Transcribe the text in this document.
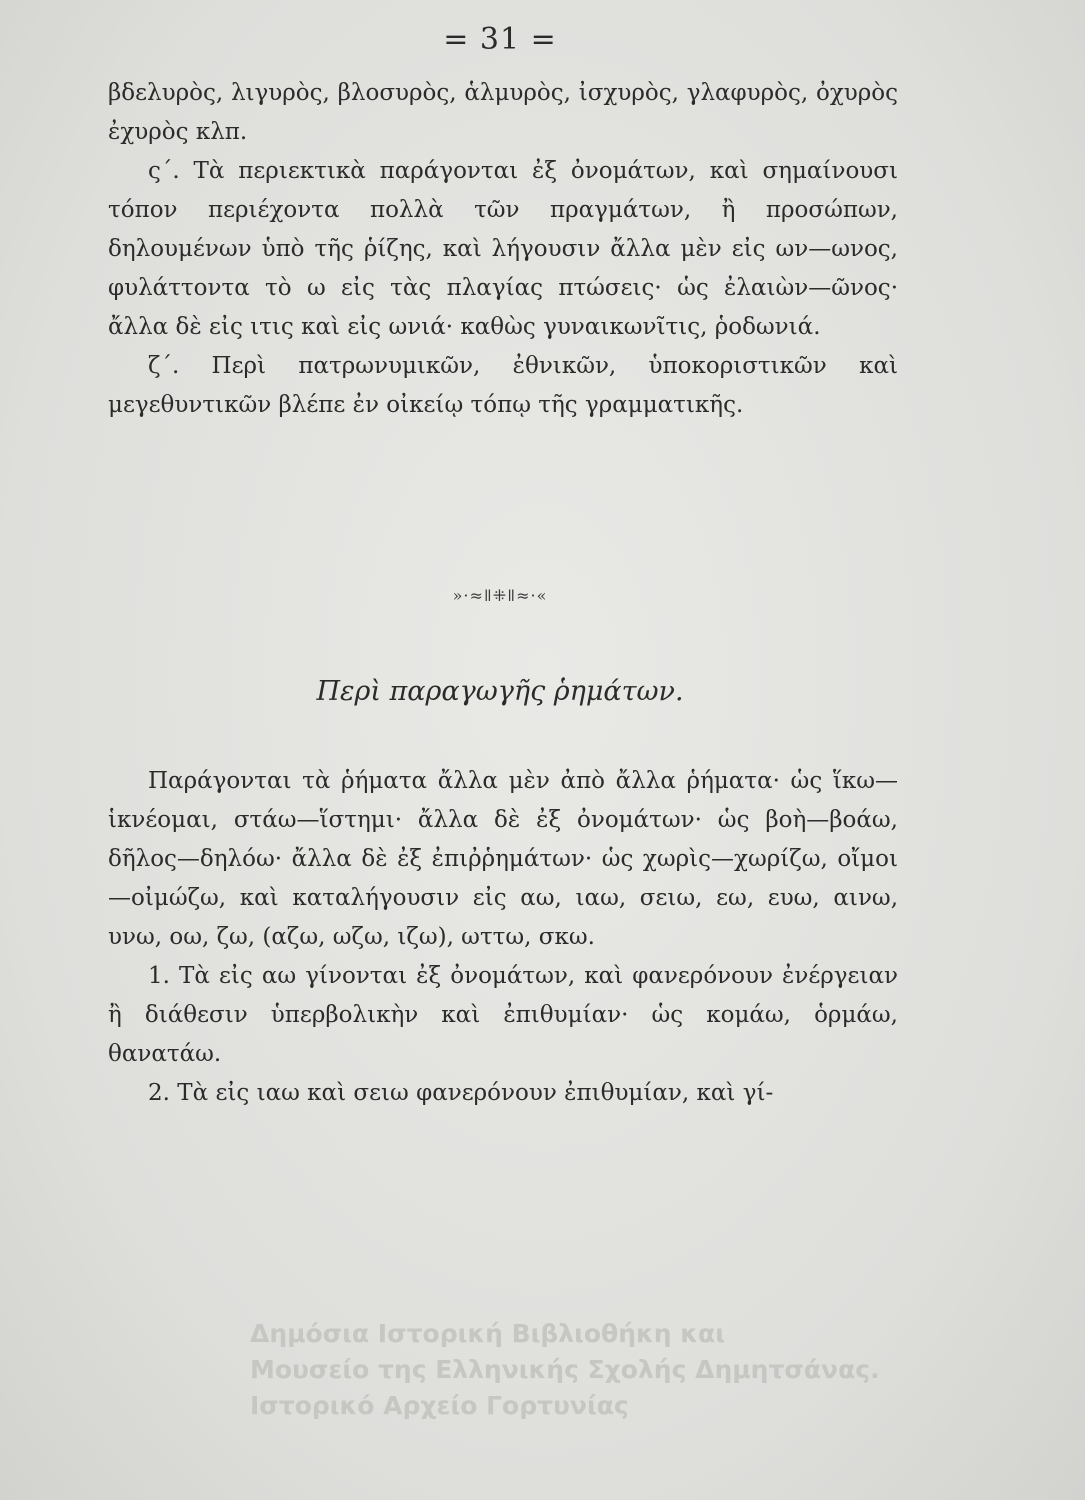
= 31 =

βδελυρὸς, λιγυρὸς, βλοσυρὸς, ἁλμυρὸς, ἰσχυρὸς, γλαφυρὸς, ὀχυρὸς ἐχυρὸς κλπ.

ς΄. Τὰ περιεκτικὰ παράγονται ἐξ ὀνομάτων, καὶ σημαίνουσι τόπον περιέχοντα πολλὰ τῶν πραγμάτων, ἢ προσώπων, δηλουμένων ὑπὸ τῆς ῥίζης, καὶ λήγουσιν ἄλλα μὲν εἰς ων—ωνος, φυλάττοντα τὸ ω εἰς τὰς πλαγίας πτώσεις· ὡς ἐλαιὼν—ῶνος· ἄλλα δὲ εἰς ιτις καὶ εἰς ωνιά· καθὼς γυναικωνῖτις, ῥοδωνιά.

ζ΄. Περὶ πατρωνυμικῶν, ἐθνικῶν, ὑποκοριστικῶν καὶ μεγεθυντικῶν βλέπε ἐν οἰκείῳ τόπῳ τῆς γραμματικῆς.

»·≈ǁ⁜ǁ≈·«
Περὶ παραγωγῆς ῥημάτων.

Παράγονται τὰ ῥήματα ἄλλα μὲν ἀπὸ ἄλλα ῥήματα· ὡς ἵκω—ἱκνέομαι, στάω—ἵστημι· ἄλλα δὲ ἐξ ὀνομάτων· ὡς βοὴ—βοάω, δῆλος—δηλόω· ἄλλα δὲ ἐξ ἐπιῤῥημάτων· ὡς χωρὶς—χωρίζω, οἴμοι—οἰμώζω, καὶ καταλήγουσιν εἰς αω, ιαω, σειω, εω, ευω, αινω, υνω, οω, ζω, (αζω, ωζω, ιζω), ωττω, σκω.

1. Τὰ εἰς αω γίνονται ἐξ ὀνομάτων, καὶ φανερόνουν ἐνέργειαν ἢ διάθεσιν ὑπερβολικὴν καὶ ἐπιθυμίαν· ὡς κομάω, ὁρμάω, θανατάω.

2. Τὰ εἰς ιαω καὶ σειω φανερόνουν ἐπιθυμίαν, καὶ γί-

Δημόσια Ιστορική Βιβλιοθήκη και
Μουσείο της Ελληνικής Σχολής Δημητσάνας.
Ιστορικό Αρχείο Γορτυνίας
